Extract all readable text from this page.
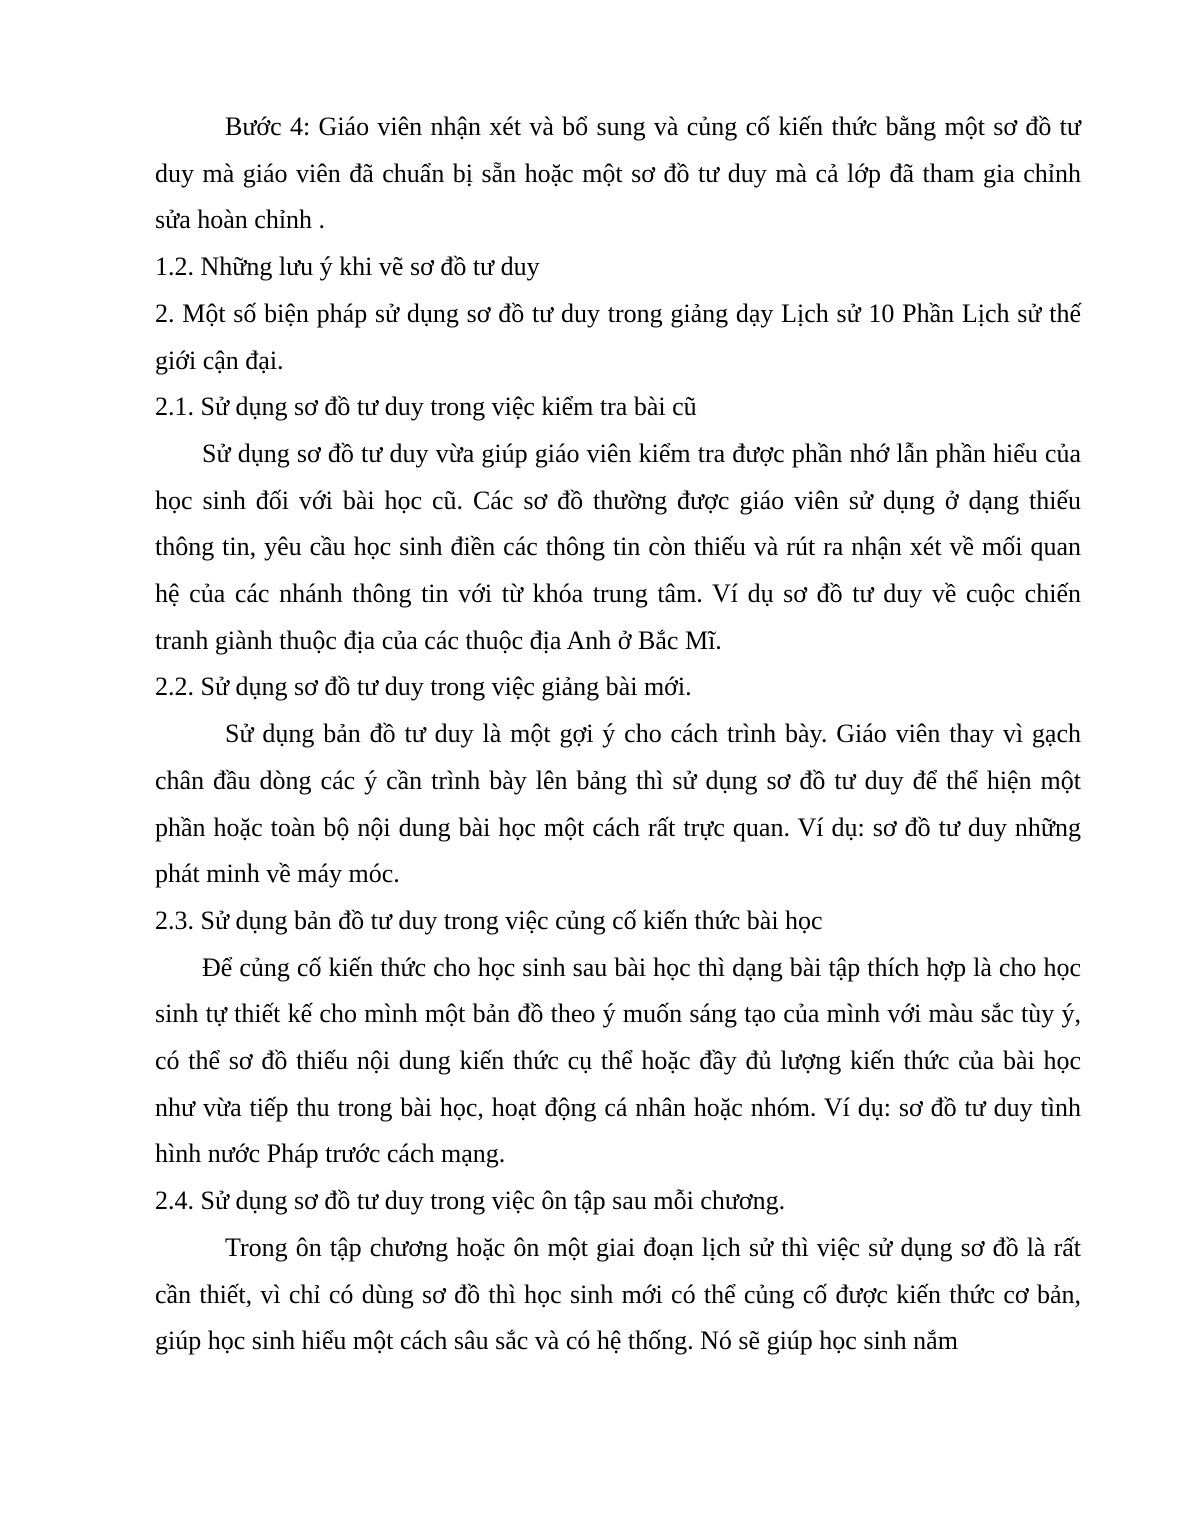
Bước 4: Giáo viên nhận xét và bổ sung và củng cố kiến thức bằng một sơ đồ tư duy mà giáo viên đã chuẩn bị sẵn hoặc một sơ đồ tư duy mà cả lớp đã tham gia chỉnh sửa hoàn chỉnh .

1.2. Những lưu ý khi vẽ sơ đồ tư duy

2. Một số biện pháp sử dụng sơ đồ tư duy trong giảng dạy Lịch sử 10 Phần Lịch sử thế giới cận đại.

2.1. Sử dụng sơ đồ tư duy trong việc kiểm tra bài cũ

Sử dụng sơ đồ tư duy vừa giúp giáo viên kiểm tra được phần nhớ lẫn phần hiểu của học sinh đối với bài học cũ. Các sơ đồ thường được giáo viên sử dụng ở dạng thiếu thông tin, yêu cầu học sinh điền các thông tin còn thiếu và rút ra nhận xét về mối quan hệ của các nhánh thông tin với từ khóa trung tâm. Ví dụ sơ đồ tư duy về cuộc chiến tranh giành thuộc địa của các thuộc địa Anh ở Bắc Mĩ.

2.2. Sử dụng sơ đồ tư duy trong việc giảng bài mới.

Sử dụng bản đồ tư duy là một gợi ý cho cách trình bày. Giáo viên thay vì gạch chân đầu dòng các ý cần trình bày lên bảng thì sử dụng sơ đồ tư duy để thể hiện một phần hoặc toàn bộ nội dung bài học một cách rất trực quan. Ví dụ: sơ đồ tư duy những phát minh về máy móc.

2.3. Sử dụng bản đồ tư duy trong việc củng cố kiến thức bài học

Để củng cố kiến thức cho học sinh sau bài học thì dạng bài tập thích hợp là cho học sinh tự thiết kế cho mình một bản đồ theo ý muốn sáng tạo của mình với màu sắc tùy ý, có thể sơ đồ thiếu nội dung kiến thức cụ thể hoặc đầy đủ lượng kiến thức của bài học như vừa tiếp thu trong bài học, hoạt động cá nhân hoặc nhóm. Ví dụ: sơ đồ tư duy tình hình nước Pháp trước cách mạng.

2.4. Sử dụng sơ đồ tư duy trong việc ôn tập sau mỗi chương.

Trong ôn tập chương hoặc ôn một giai đoạn lịch sử thì việc sử dụng sơ đồ là rất cần thiết, vì chỉ có dùng sơ đồ thì học sinh mới có thể củng cố được kiến thức cơ bản, giúp học sinh hiểu một cách sâu sắc và có hệ thống. Nó sẽ giúp học sinh nắm
